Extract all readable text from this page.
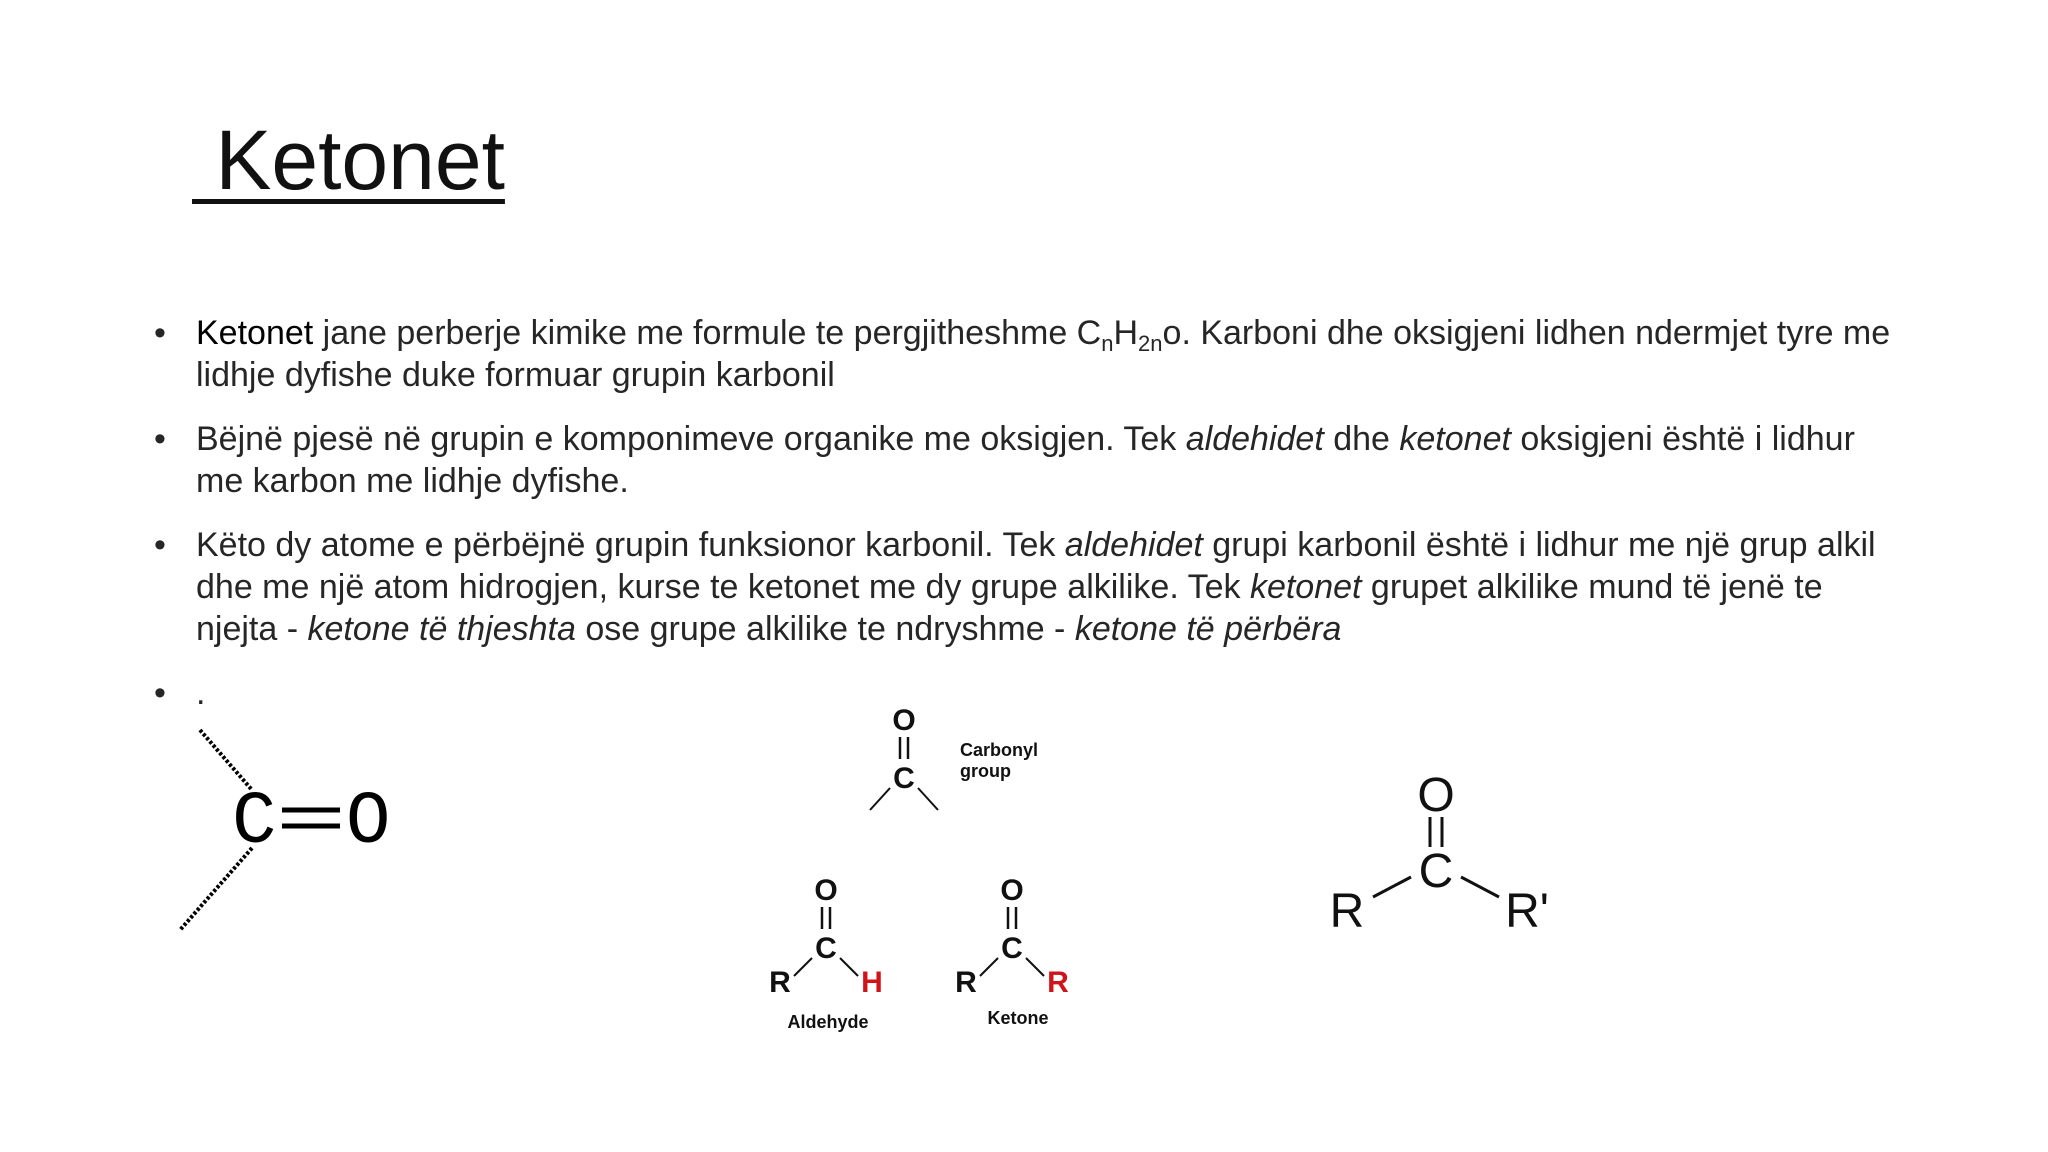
Ketonet
• Ketonet jane perberje kimike me formule te pergjitheshme $C_nH_{2n}o$. Karboni dhe oksigjeni lidhen ndermjet tyre me lidhje dyfishe duke formuar grupin karbonil
• Bëjnë pjesë në grupin e komponimeve organike me oksigjen. Tek aldehidet dhe ketonet oksigjeni është i lidhur me karbon me lidhje dyfishe.
• Këto dy atome e përbëjnë grupin funksionor karbonil. Tek aldehidet grupi karbonil është i lidhur me një grup alkil dhe me një atom hidrogjen, kurse te ketonet me dy grupe alkilike. Tek ketonet grupet alkilike mund të jenë te njejta - ketone të thjeshta ose grupe alkilike te ndryshme - ketone të përbëra
• .
C O
O
C
Carbonyl
group
O
C
R H
Aldehyde
O
C
R R
Ketone
O
C
R	R'
